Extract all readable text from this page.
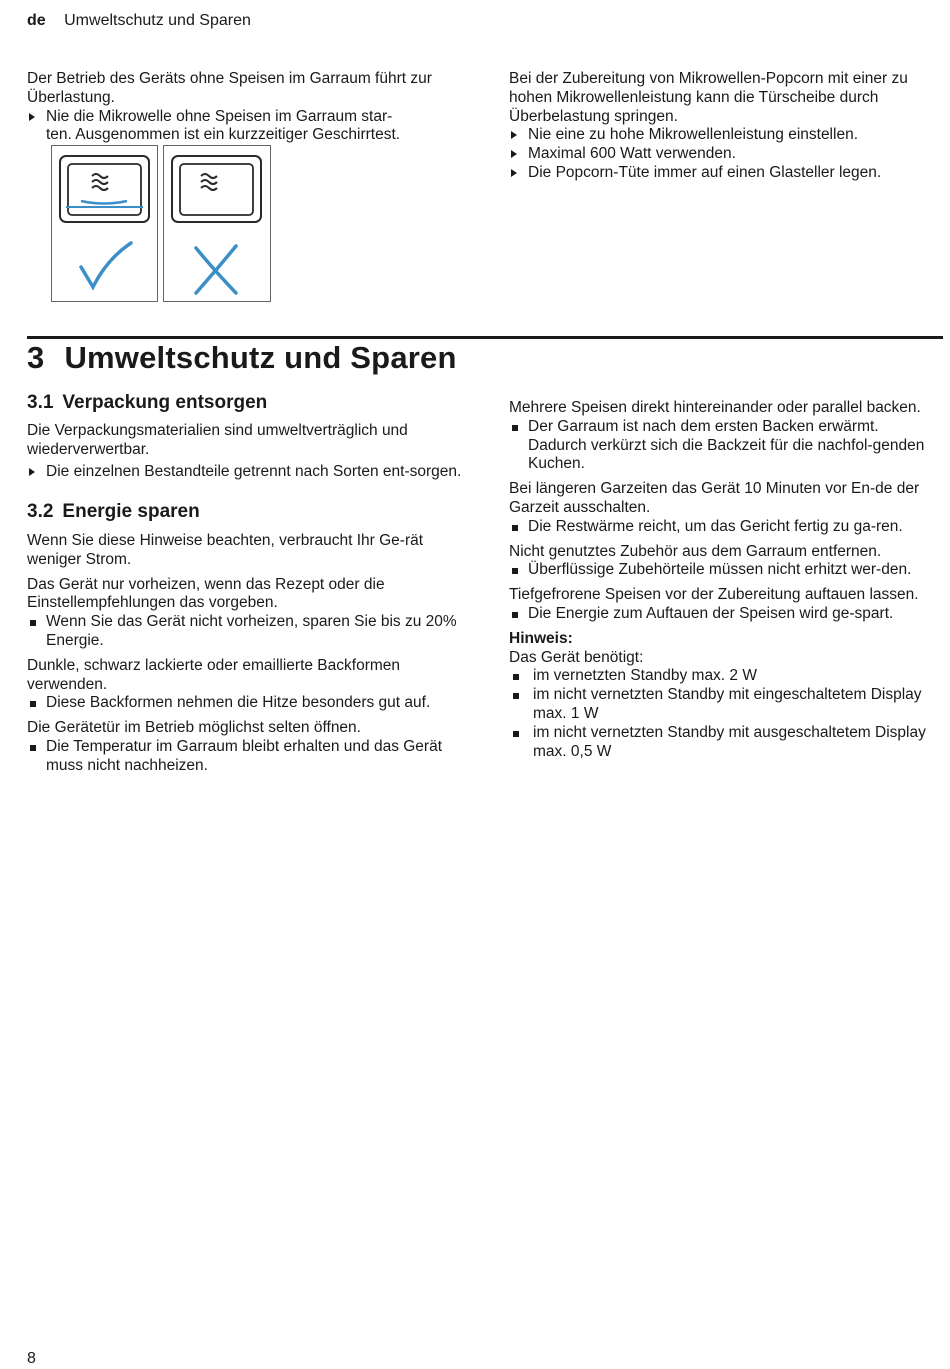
de Umweltschutz und Sparen

Der Betrieb des Geräts ohne Speisen im Garraum führt zur Überlastung.

Nie die Mikrowelle ohne Speisen im Garraum star-
ten. Ausgenommen ist ein kurzzeitiger Geschirrtest.

Bei der Zubereitung von Mikrowellen-Popcorn mit einer zu hohen Mikrowellenleistung kann die Türscheibe durch Überbelastung springen.

Nie eine zu hohe Mikrowellenleistung einstellen.
Maximal 600 Watt verwenden.
Die Popcorn-Tüte immer auf einen Glasteller legen.
3 Umweltschutz und Sparen
3.1 Verpackung entsorgen

Die Verpackungsmaterialien sind umweltverträglich und wiederverwertbar.

Die einzelnen Bestandteile getrennt nach Sorten ent-sorgen.
3.2 Energie sparen

Wenn Sie diese Hinweise beachten, verbraucht Ihr Ge-rät weniger Strom.

Das Gerät nur vorheizen, wenn das Rezept oder die Einstellempfehlungen das vorgeben.

Wenn Sie das Gerät nicht vorheizen, sparen Sie bis zu 20% Energie.

Dunkle, schwarz lackierte oder emaillierte Backformen verwenden.

Diese Backformen nehmen die Hitze besonders gut auf.

Die Gerätetür im Betrieb möglichst selten öffnen.

Die Temperatur im Garraum bleibt erhalten und das Gerät muss nicht nachheizen.

Mehrere Speisen direkt hintereinander oder parallel backen.

Der Garraum ist nach dem ersten Backen erwärmt. Dadurch verkürzt sich die Backzeit für die nachfol-genden Kuchen.

Bei längeren Garzeiten das Gerät 10 Minuten vor En-de der Garzeit ausschalten.

Die Restwärme reicht, um das Gericht fertig zu ga-ren.

Nicht genutztes Zubehör aus dem Garraum entfernen.

Überflüssige Zubehörteile müssen nicht erhitzt wer-den.

Tiefgefrorene Speisen vor der Zubereitung auftauen lassen.

Die Energie zum Auftauen der Speisen wird ge-spart.

Hinweis:

Das Gerät benötigt:

im vernetzten Standby max. 2 W
im nicht vernetzten Standby mit eingeschaltetem Display max. 1 W
im nicht vernetzten Standby mit ausgeschaltetem Display max. 0,5 W
8
